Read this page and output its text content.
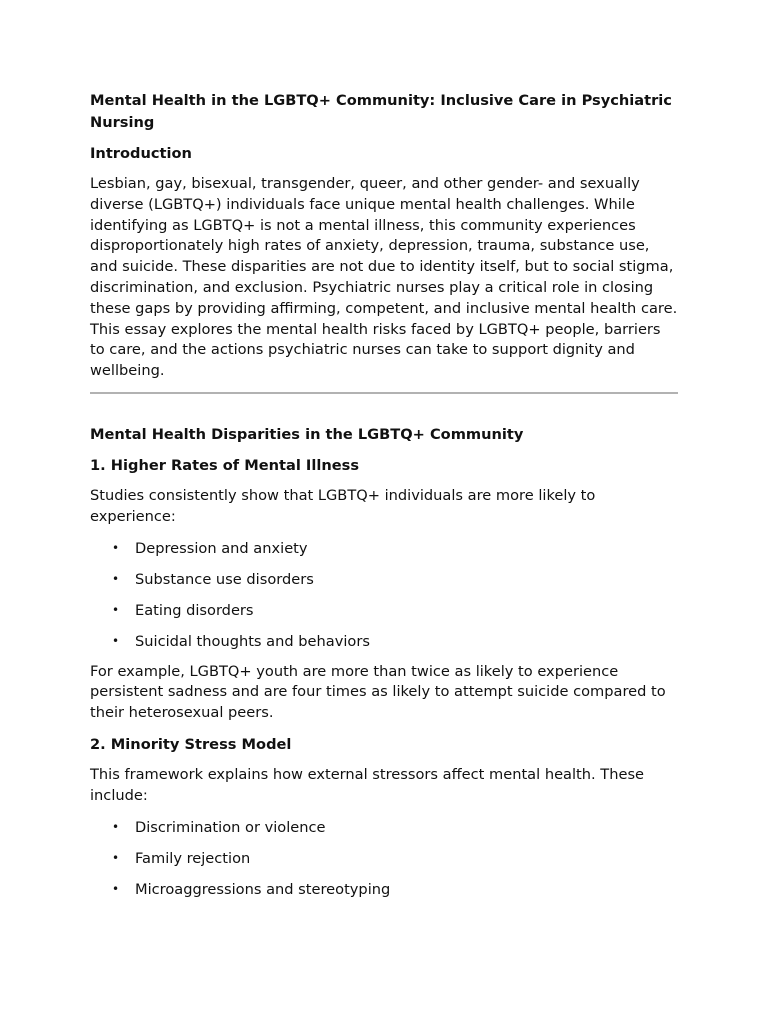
Mental Health in the LGBTQ+ Community: Inclusive Care in Psychiatric Nursing
Introduction

Lesbian, gay, bisexual, transgender, queer, and other gender- and sexually diverse (LGBTQ+) individuals face unique mental health challenges. While identifying as LGBTQ+ is not a mental illness, this community experiences disproportionately high rates of anxiety, depression, trauma, substance use, and suicide. These disparities are not due to identity itself, but to social stigma, discrimination, and exclusion. Psychiatric nurses play a critical role in closing these gaps by providing affirming, competent, and inclusive mental health care. This essay explores the mental health risks faced by LGBTQ+ people, barriers to care, and the actions psychiatric nurses can take to support dignity and wellbeing.

Mental Health Disparities in the LGBTQ+ Community
1. Higher Rates of Mental Illness

Studies consistently show that LGBTQ+ individuals are more likely to experience:

• Depression and anxiety
• Substance use disorders
• Eating disorders
• Suicidal thoughts and behaviors

For example, LGBTQ+ youth are more than twice as likely to experience persistent sadness and are four times as likely to attempt suicide compared to their heterosexual peers.

2. Minority Stress Model

This framework explains how external stressors affect mental health. These include:

• Discrimination or violence
• Family rejection
• Microaggressions and stereotyping
